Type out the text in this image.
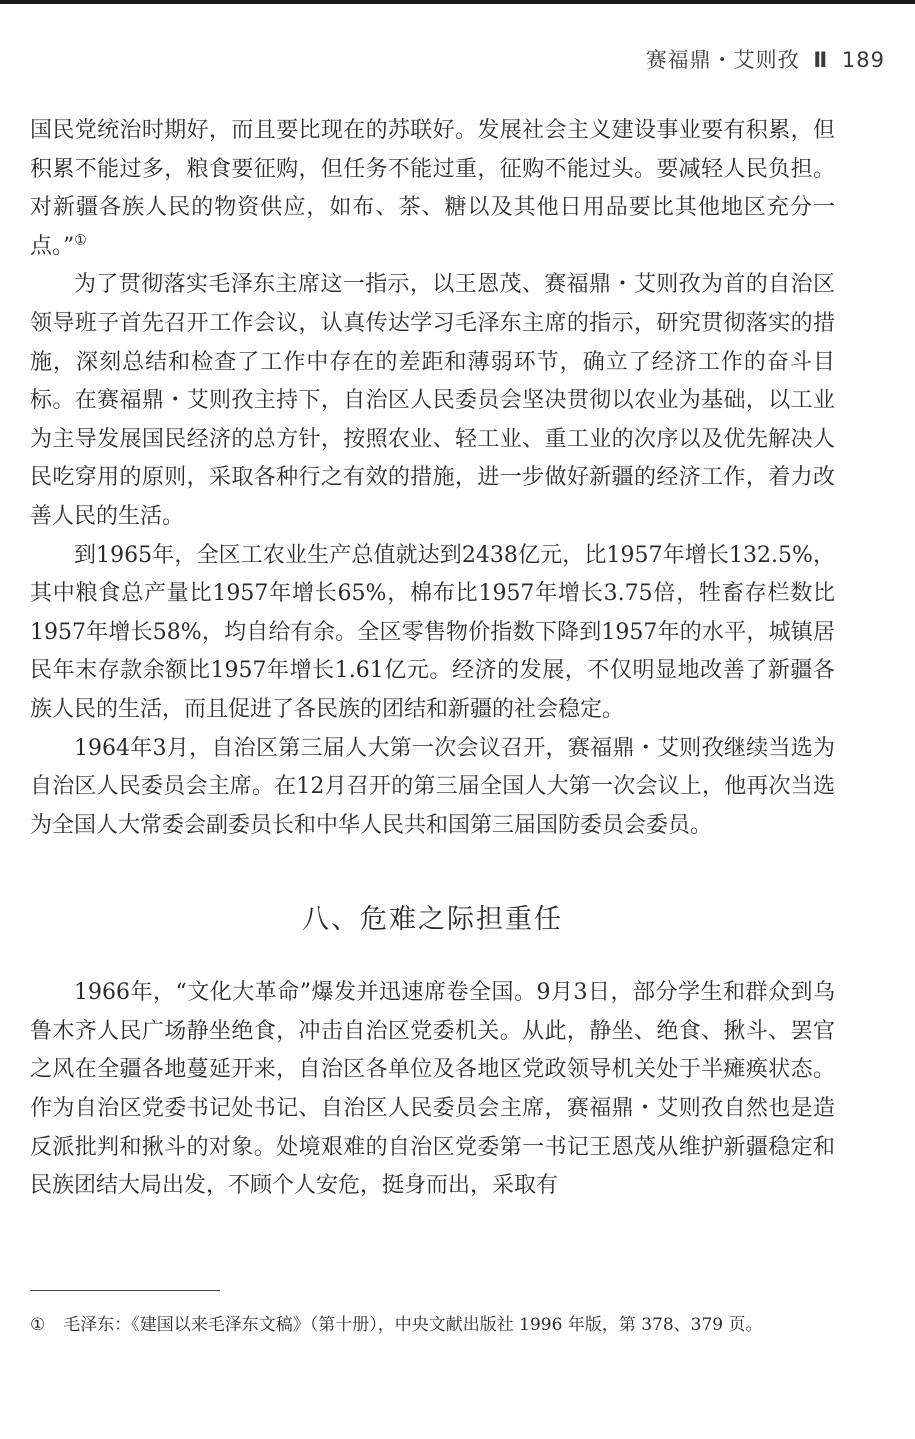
赛福鼎・艾则孜 Ⅱ 189

国民党统治时期好，而且要比现在的苏联好。发展社会主义建设事业要有积累，但积累不能过多，粮食要征购，但任务不能过重，征购不能过头。要减轻人民负担。对新疆各族人民的物资供应，如布、茶、糖以及其他日用品要比其他地区充分一点。”①

为了贯彻落实毛泽东主席这一指示，以王恩茂、赛福鼎・艾则孜为首的自治区领导班子首先召开工作会议，认真传达学习毛泽东主席的指示，研究贯彻落实的措施，深刻总结和检查了工作中存在的差距和薄弱环节，确立了经济工作的奋斗目标。在赛福鼎・艾则孜主持下，自治区人民委员会坚决贯彻以农业为基础，以工业为主导发展国民经济的总方针，按照农业、轻工业、重工业的次序以及优先解决人民吃穿用的原则，采取各种行之有效的措施，进一步做好新疆的经济工作，着力改善人民的生活。

到1965年，全区工农业生产总值就达到2438亿元，比1957年增长132.5%，其中粮食总产量比1957年增长65%，棉布比1957年增长3.75倍，牲畜存栏数比1957年增长58%，均自给有余。全区零售物价指数下降到1957年的水平，城镇居民年末存款余额比1957年增长1.61亿元。经济的发展，不仅明显地改善了新疆各族人民的生活，而且促进了各民族的团结和新疆的社会稳定。

1964年3月，自治区第三届人大第一次会议召开，赛福鼎・艾则孜继续当选为自治区人民委员会主席。在12月召开的第三届全国人大第一次会议上，他再次当选为全国人大常委会副委员长和中华人民共和国第三届国防委员会委员。

八、危难之际担重任

1966年，“文化大革命”爆发并迅速席卷全国。9月3日，部分学生和群众到乌鲁木齐人民广场静坐绝食，冲击自治区党委机关。从此，静坐、绝食、揪斗、罢官之风在全疆各地蔓延开来，自治区各单位及各地区党政领导机关处于半瘫痪状态。作为自治区党委书记处书记、自治区人民委员会主席，赛福鼎・艾则孜自然也是造反派批判和揪斗的对象。处境艰难的自治区党委第一书记王恩茂从维护新疆稳定和民族团结大局出发，不顾个人安危，挺身而出，采取有

① 毛泽东：《建国以来毛泽东文稿》（第十册），中央文献出版社 1996 年版，第 378、379 页。
